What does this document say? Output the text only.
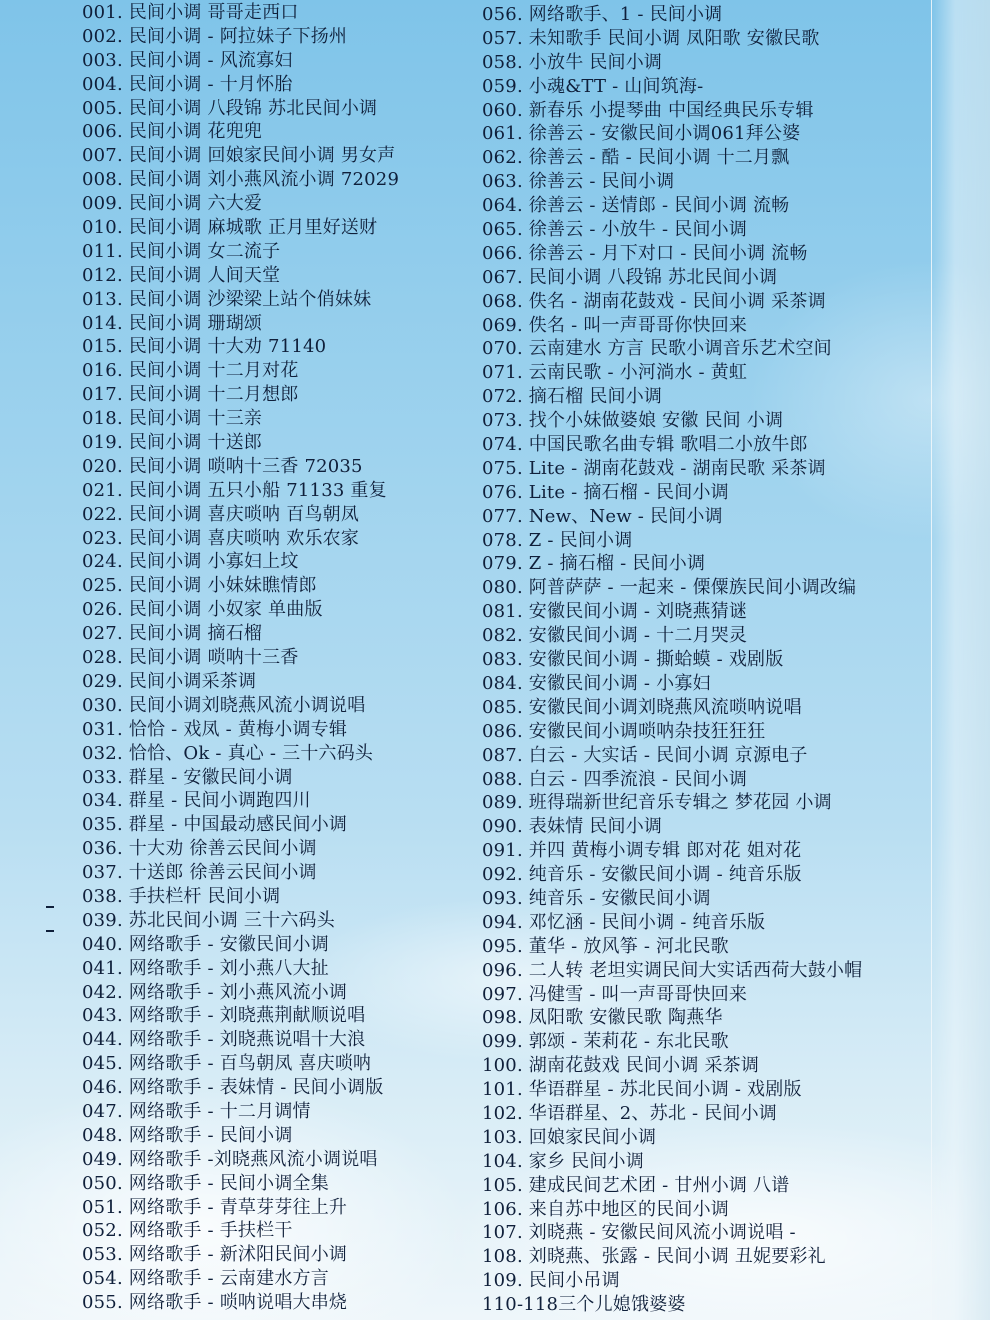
001. 民间小调 哥哥走西口
002. 民间小调 - 阿拉妹子下扬州
003. 民间小调 - 风流寡妇
004. 民间小调 - 十月怀胎
005. 民间小调 八段锦 苏北民间小调
006. 民间小调 花兜兜
007. 民间小调 回娘家民间小调 男女声
008. 民间小调 刘小燕风流小调 72029
009. 民间小调 六大爱
010. 民间小调 麻城歌 正月里好送财
011. 民间小调 女二流子
012. 民间小调 人间天堂
013. 民间小调 沙梁梁上站个俏妹妹
014. 民间小调 珊瑚颂
015. 民间小调 十大劝 71140
016. 民间小调 十二月对花
017. 民间小调 十二月想郎
018. 民间小调 十三亲
019. 民间小调 十送郎
020. 民间小调 唢呐十三香 72035
021. 民间小调 五只小船 71133 重复
022. 民间小调 喜庆唢呐 百鸟朝凤
023. 民间小调 喜庆唢呐 欢乐农家
024. 民间小调 小寡妇上坟
025. 民间小调 小妹妹瞧情郎
026. 民间小调 小奴家 单曲版
027. 民间小调 摘石榴
028. 民间小调 唢呐十三香
029. 民间小调采茶调
030. 民间小调刘晓燕风流小调说唱
031. 恰恰 - 戏凤 - 黄梅小调专辑
032. 恰恰、Ok - 真心 - 三十六码头
033. 群星 - 安徽民间小调
034. 群星 - 民间小调跑四川
035. 群星 - 中国最动感民间小调
036. 十大劝 徐善云民间小调
037. 十送郎 徐善云民间小调
038. 手扶栏杆 民间小调
039. 苏北民间小调 三十六码头
040. 网络歌手 - 安徽民间小调
041. 网络歌手 - 刘小燕八大扯
042. 网络歌手 - 刘小燕风流小调
043. 网络歌手 - 刘晓燕荆献顺说唱
044. 网络歌手 - 刘晓燕说唱十大浪
045. 网络歌手 - 百鸟朝凤 喜庆唢呐
046. 网络歌手 - 表妹情 - 民间小调版
047. 网络歌手 - 十二月调情
048. 网络歌手 - 民间小调
049. 网络歌手 -刘晓燕风流小调说唱
050. 网络歌手 - 民间小调全集
051. 网络歌手 - 青草芽芽往上升
052. 网络歌手 - 手扶栏干
053. 网络歌手 - 新沭阳民间小调
054. 网络歌手 - 云南建水方言
055. 网络歌手 - 唢呐说唱大串烧
056. 网络歌手、1 - 民间小调
057. 未知歌手 民间小调 凤阳歌 安徽民歌
058. 小放牛 民间小调
059. 小魂&TT - 山间筑海-
060. 新春乐 小提琴曲 中国经典民乐专辑
061. 徐善云 - 安徽民间小调061拜公婆
062. 徐善云 - 酷 - 民间小调 十二月飘
063. 徐善云 - 民间小调
064. 徐善云 - 送情郎 - 民间小调 流畅
065. 徐善云 - 小放牛 - 民间小调
066. 徐善云 - 月下对口 - 民间小调 流畅
067. 民间小调 八段锦 苏北民间小调
068. 佚名 - 湖南花鼓戏 - 民间小调 采茶调
069. 佚名 - 叫一声哥哥你快回来
070. 云南建水 方言 民歌小调音乐艺术空间
071. 云南民歌 - 小河淌水 - 黄虹
072. 摘石榴 民间小调
073. 找个小妹做婆娘 安徽 民间 小调
074. 中国民歌名曲专辑 歌唱二小放牛郎
075. Lite - 湖南花鼓戏 - 湖南民歌 采茶调
076. Lite - 摘石榴 - 民间小调
077. New、New - 民间小调
078. Z - 民间小调
079. Z - 摘石榴 - 民间小调
080. 阿普萨萨 - 一起来 - 傈僳族民间小调改编
081. 安徽民间小调 - 刘晓燕猜谜
082. 安徽民间小调 - 十二月哭灵
083. 安徽民间小调 - 撕蛤蟆 - 戏剧版
084. 安徽民间小调 - 小寡妇
085. 安徽民间小调刘晓燕风流唢呐说唱
086. 安徽民间小调唢呐杂技狂狂狂
087. 白云 - 大实话 - 民间小调 京源电子
088. 白云 - 四季流浪 - 民间小调
089. 班得瑞新世纪音乐专辑之 梦花园 小调
090. 表妹情 民间小调
091. 并四 黄梅小调专辑 郎对花 姐对花
092. 纯音乐 - 安徽民间小调 - 纯音乐版
093. 纯音乐 - 安徽民间小调
094. 邓忆涵 - 民间小调 - 纯音乐版
095. 董华 - 放风筝 - 河北民歌
096. 二人转 老坦实调民间大实话西荷大鼓小帽
097. 冯健雪 - 叫一声哥哥快回来
098. 凤阳歌 安徽民歌 陶燕华
099. 郭颂 - 茉莉花 - 东北民歌
100. 湖南花鼓戏 民间小调 采茶调
101. 华语群星 - 苏北民间小调 - 戏剧版
102. 华语群星、2、苏北 - 民间小调
103. 回娘家民间小调
104. 家乡 民间小调
105. 建成民间艺术团 - 甘州小调 八谱
106. 来自苏中地区的民间小调
107. 刘晓燕 - 安徽民间风流小调说唱 -
108. 刘晓燕、张露 - 民间小调 丑妮要彩礼
109. 民间小吊调
110-118三个儿媳饿婆婆
